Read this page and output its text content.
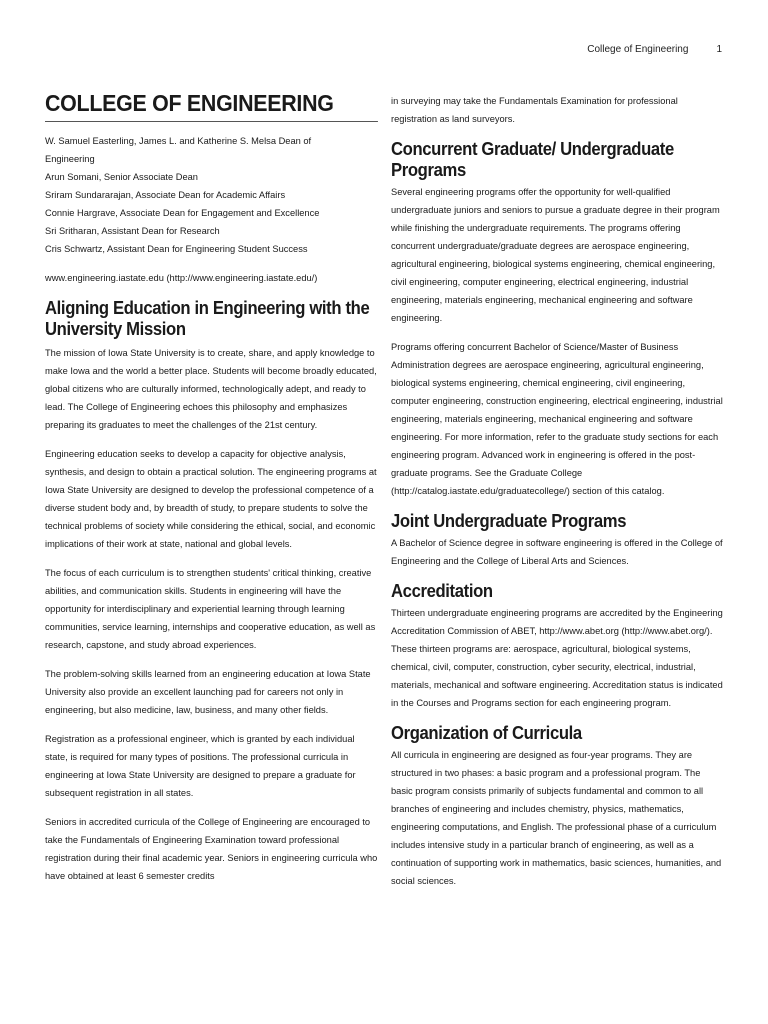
College of Engineering	1
COLLEGE OF ENGINEERING
W. Samuel Easterling, James L. and Katherine S. Melsa Dean of
Engineering
Arun Somani, Senior Associate Dean
Sriram Sundararajan, Associate Dean for Academic Affairs
Connie Hargrave, Associate Dean for Engagement and Excellence
Sri Sritharan, Assistant Dean for Research
Cris Schwartz, Assistant Dean for Engineering Student Success

www.engineering.iastate.edu (http://www.engineering.iastate.edu/)

Aligning Education in Engineering with the University Mission

The mission of Iowa State University is to create, share, and apply knowledge to make Iowa and the world a better place. Students will become broadly educated, global citizens who are culturally informed, technologically adept, and ready to lead. The College of Engineering echoes this philosophy and emphasizes preparing its graduates to meet the challenges of the 21st century.

Engineering education seeks to develop a capacity for objective analysis, synthesis, and design to obtain a practical solution. The engineering programs at Iowa State University are designed to develop the professional competence of a diverse student body and, by breadth of study, to prepare students to solve the technical problems of society while considering the ethical, social, and economic implications of their work at state, national and global levels.

The focus of each curriculum is to strengthen students' critical thinking, creative abilities, and communication skills. Students in engineering will have the opportunity for interdisciplinary and experiential learning through learning communities, service learning, internships and cooperative education, as well as research, capstone, and study abroad experiences.

The problem-solving skills learned from an engineering education at Iowa State University also provide an excellent launching pad for careers not only in engineering, but also medicine, law, business, and many other fields.

Registration as a professional engineer, which is granted by each individual state, is required for many types of positions. The professional curricula in engineering at Iowa State University are designed to prepare a graduate for subsequent registration in all states.

Seniors in accredited curricula of the College of Engineering are encouraged to take the Fundamentals of Engineering Examination toward professional registration during their final academic year. Seniors in engineering curricula who have obtained at least 6 semester credits

in surveying may take the Fundamentals Examination for professional registration as land surveyors.

Concurrent Graduate/ Undergraduate Programs

Several engineering programs offer the opportunity for well-qualified undergraduate juniors and seniors to pursue a graduate degree in their program while finishing the undergraduate requirements. The programs offering concurrent undergraduate/graduate degrees are aerospace engineering, agricultural engineering, biological systems engineering, chemical engineering, civil engineering, computer engineering, electrical engineering, industrial engineering, materials engineering, mechanical engineering and software engineering.

Programs offering concurrent Bachelor of Science/Master of Business Administration degrees are aerospace engineering, agricultural engineering, biological systems engineering, chemical engineering, civil engineering, computer engineering, construction engineering, electrical engineering, industrial engineering, materials engineering, mechanical engineering and software engineering. For more information, refer to the graduate study sections for each engineering program. Advanced work in engineering is offered in the post-graduate programs. See the Graduate College (http://catalog.iastate.edu/graduatecollege/) section of this catalog.

Joint Undergraduate Programs

A Bachelor of Science degree in software engineering is offered in the College of Engineering and the College of Liberal Arts and Sciences.

Accreditation

Thirteen undergraduate engineering programs are accredited by the Engineering Accreditation Commission of ABET, http://www.abet.org (http://www.abet.org/). These thirteen programs are: aerospace, agricultural, biological systems, chemical, civil, computer, construction, cyber security, electrical, industrial, materials, mechanical and software engineering. Accreditation status is indicated in the Courses and Programs section for each engineering program.

Organization of Curricula

All curricula in engineering are designed as four-year programs. They are structured in two phases: a basic program and a professional program. The basic program consists primarily of subjects fundamental and common to all branches of engineering and includes chemistry, physics, mathematics, engineering computations, and English. The professional phase of a curriculum includes intensive study in a particular branch of engineering, as well as a continuation of supporting work in mathematics, basic sciences, humanities, and social sciences.
